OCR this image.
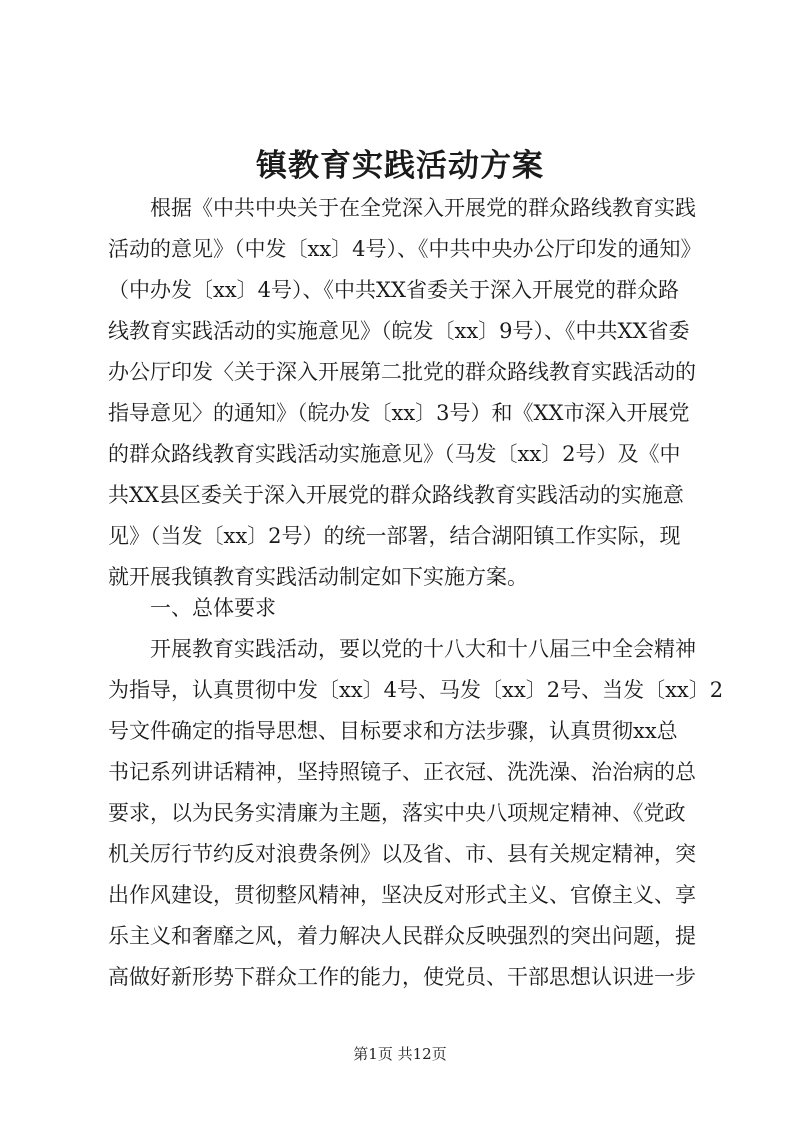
镇教育实践活动方案
根据《中共中央关于在全党深入开展党的群众路线教育实践
活动的意见》（中发〔xx〕4号）、《中共中央办公厅印发的通知》
（中办发〔xx〕4号）、《中共XX省委关于深入开展党的群众路
线教育实践活动的实施意见》（皖发〔xx〕9号）、《中共XX省委
办公厅印发〈关于深入开展第二批党的群众路线教育实践活动的
指导意见〉的通知》（皖办发〔xx〕3号）和《XX市深入开展党
的群众路线教育实践活动实施意见》（马发〔xx〕2号）及《中
共XX县区委关于深入开展党的群众路线教育实践活动的实施意
见》（当发〔xx〕2号）的统一部署，结合湖阳镇工作实际，现
就开展我镇教育实践活动制定如下实施方案。
一、总体要求
开展教育实践活动，要以党的十八大和十八届三中全会精神
为指导，认真贯彻中发〔xx〕4号、马发〔xx〕2号、当发〔xx〕2
号文件确定的指导思想、目标要求和方法步骤，认真贯彻xx总
书记系列讲话精神，坚持照镜子、正衣冠、洗洗澡、治治病的总
要求，以为民务实清廉为主题，落实中央八项规定精神、《党政
机关厉行节约反对浪费条例》以及省、市、县有关规定精神，突
出作风建设，贯彻整风精神，坚决反对形式主义、官僚主义、享
乐主义和奢靡之风，着力解决人民群众反映强烈的突出问题，提
高做好新形势下群众工作的能力，使党员、干部思想认识进一步
第1页 共12页
